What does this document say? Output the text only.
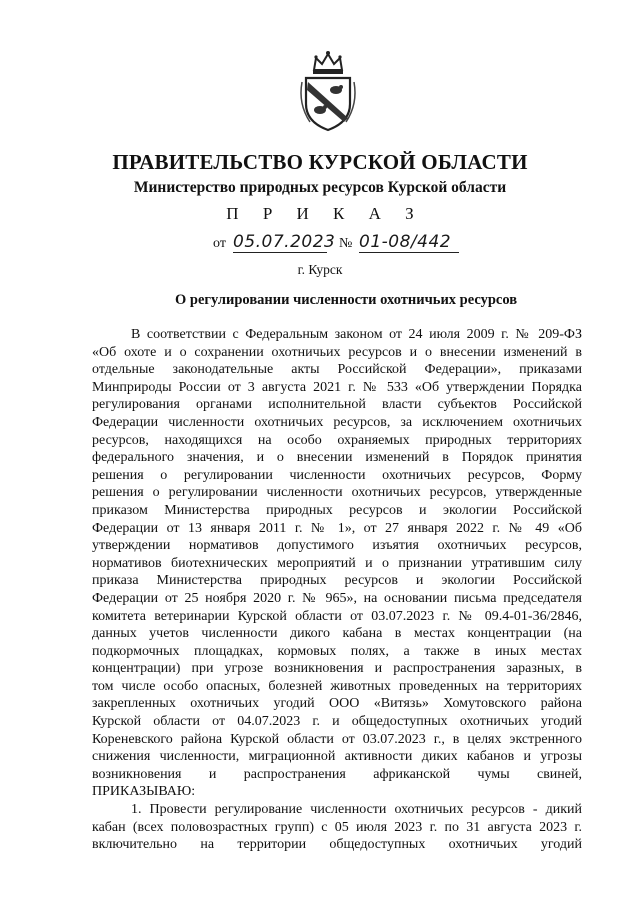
ПРАВИТЕЛЬСТВО КУРСКОЙ ОБЛАСТИ
Министерство природных ресурсов Курской области
П Р И К А З
от 05.07.2023 № 01-08/442
г. Курск
О регулировании численности охотничьих ресурсов
В соответствии с Федеральным законом от 24 июля 2009 г. № 209-ФЗ
«Об охоте и о сохранении охотничьих ресурсов и о внесении изменений в
отдельные законодательные акты Российской Федерации», приказами
Минприроды России от 3 августа 2021 г. № 533 «Об утверждении Порядка
регулирования органами исполнительной власти субъектов Российской
Федерации численности охотничьих ресурсов, за исключением охотничьих
ресурсов, находящихся на особо охраняемых природных территориях
федерального значения, и о внесении изменений в Порядок принятия
решения о регулировании численности охотничьих ресурсов, Форму
решения о регулировании численности охотничьих ресурсов, утвержденные
приказом Министерства природных ресурсов и экологии Российской
Федерации от 13 января 2011 г. № 1», от 27 января 2022 г. № 49 «Об
утверждении нормативов допустимого изъятия охотничьих ресурсов,
нормативов биотехнических мероприятий и о признании утратившим силу
приказа Министерства природных ресурсов и экологии Российской
Федерации от 25 ноября 2020 г. № 965», на основании письма председателя
комитета ветеринарии Курской области от 03.07.2023 г. № 09.4-01-36/2846,
данных учетов численности дикого кабана в местах концентрации (на
подкормочных площадках, кормовых полях, а также в иных местах
концентрации) при угрозе возникновения и распространения заразных, в
том числе особо опасных, болезней животных проведенных на территориях
закрепленных охотничьих угодий ООО «Витязь» Хомутовского района
Курской области от 04.07.2023 г. и общедоступных охотничьих угодий
Кореневского района Курской области от 03.07.2023 г., в целях экстренного
снижения численности, миграционной активности диких кабанов и угрозы
возникновения и распространения африканской чумы свиней,
ПРИКАЗЫВАЮ:
1. Провести регулирование численности охотничьих ресурсов - дикий
кабан (всех половозрастных групп) с 05 июля 2023 г. по 31 августа 2023 г.
включительно на территории общедоступных охотничьих угодий
